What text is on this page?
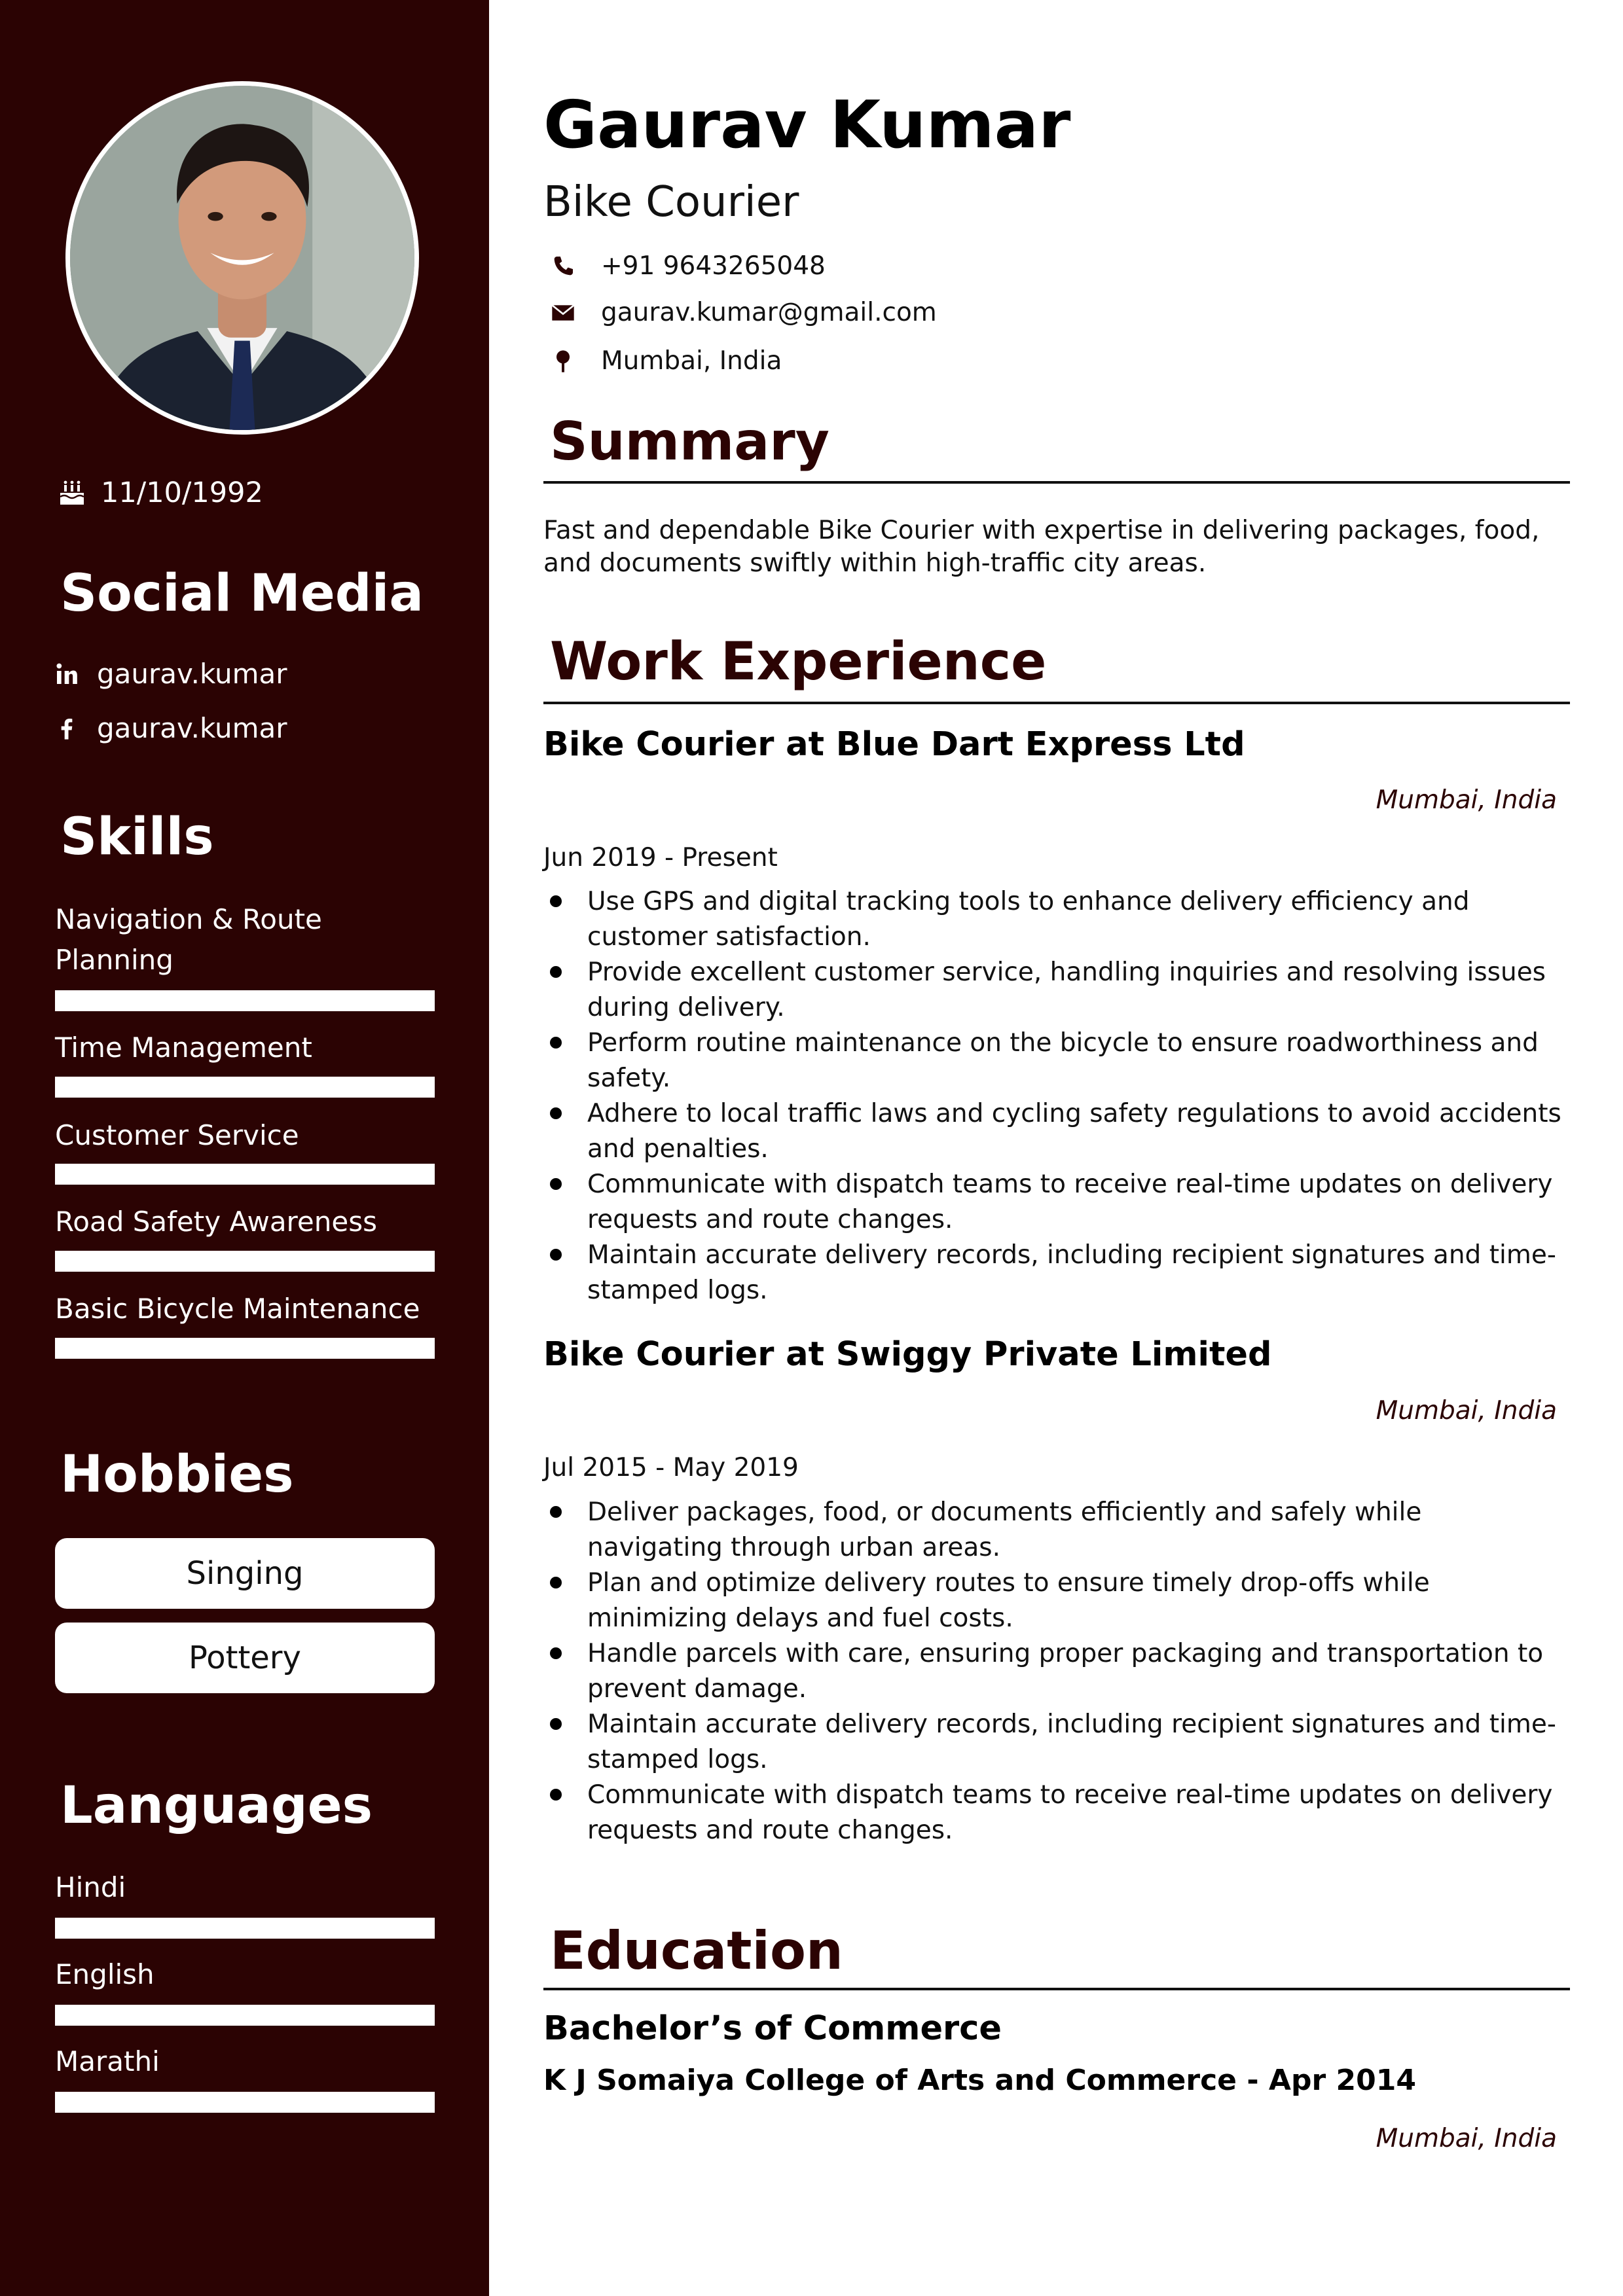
11/10/1992
Social Media
gaurav.kumar
gaurav.kumar
Skills
Navigation & Route Planning
Time Management
Customer Service
Road Safety Awareness
Basic Bicycle Maintenance
Hobbies
Singing
Pottery
Languages
Hindi
English
Marathi
Gaurav Kumar
Bike Courier
+91 9643265048
gaurav.kumar@gmail.com
Mumbai, India
Summary
Fast and dependable Bike Courier with expertise in delivering packages, food, and documents swiftly within high-traffic city areas.
Work Experience
Bike Courier at Blue Dart Express Ltd
Mumbai, India
Jun 2019 - Present
Use GPS and digital tracking tools to enhance delivery efficiency and customer satisfaction.
Provide excellent customer service, handling inquiries and resolving issues during delivery.
Perform routine maintenance on the bicycle to ensure roadworthiness and safety.
Adhere to local traffic laws and cycling safety regulations to avoid accidents and penalties.
Communicate with dispatch teams to receive real-time updates on delivery requests and route changes.
Maintain accurate delivery records, including recipient signatures and time-stamped logs.
Bike Courier at Swiggy Private Limited
Mumbai, India
Jul 2015 - May 2019
Deliver packages, food, or documents efficiently and safely while navigating through urban areas.
Plan and optimize delivery routes to ensure timely drop-offs while minimizing delays and fuel costs.
Handle parcels with care, ensuring proper packaging and transportation to prevent damage.
Maintain accurate delivery records, including recipient signatures and time-stamped logs.
Communicate with dispatch teams to receive real-time updates on delivery requests and route changes.
Education
Bachelor’s of Commerce
K J Somaiya College of Arts and Commerce - Apr 2014
Mumbai, India
